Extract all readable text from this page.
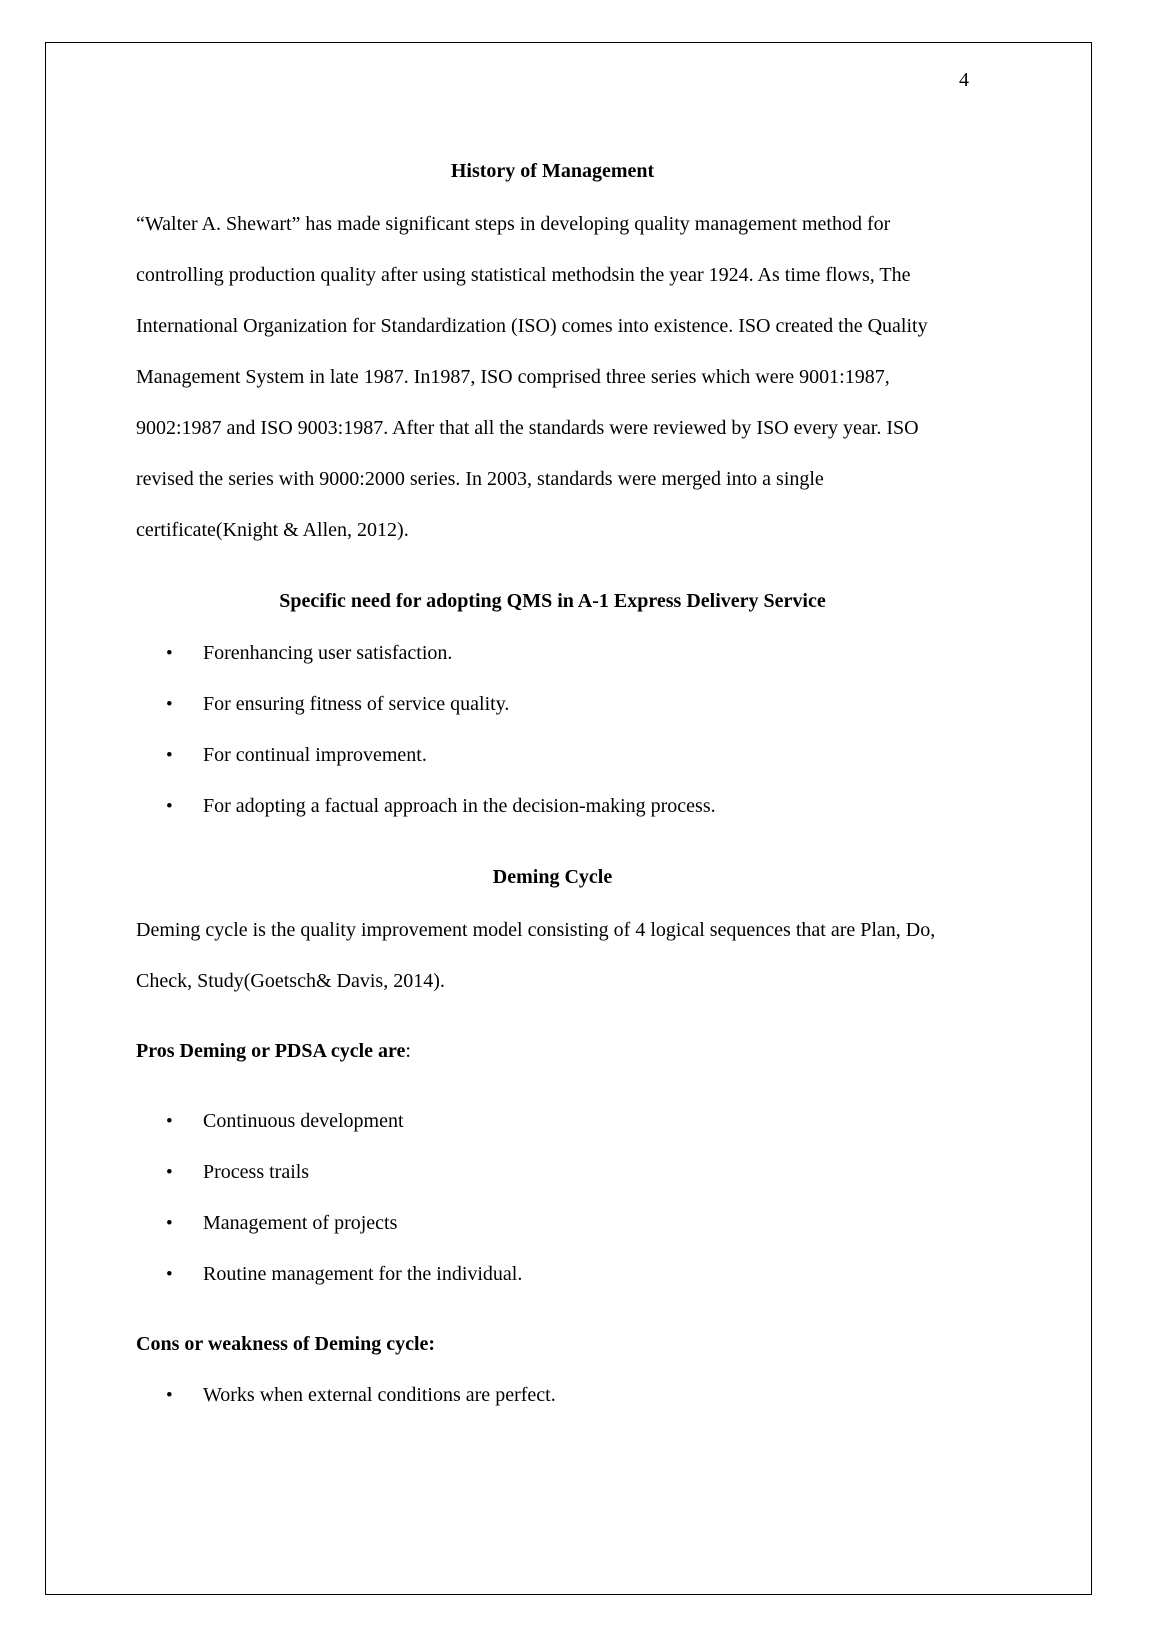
4
History of Management

“Walter A. Shewart” has made significant steps in developing quality management method for controlling production quality after using statistical methodsin the year 1924. As time flows, The International Organization for Standardization (ISO) comes into existence. ISO created the Quality Management System in late 1987. In1987, ISO comprised three series which were 9001:1987, 9002:1987 and ISO 9003:1987. After that all the standards were reviewed by ISO every year. ISO revised the series with 9000:2000 series. In 2003, standards were merged into a single certificate(Knight & Allen, 2012).

Specific need for adopting QMS in A-1 Express Delivery Service
• Forenhancing user satisfaction.
• For ensuring fitness of service quality.
• For continual improvement.
• For adopting a factual approach in the decision-making process.
Deming Cycle

Deming cycle is the quality improvement model consisting of 4 logical sequences that are Plan, Do, Check, Study(Goetsch& Davis, 2014).

Pros Deming or PDSA cycle are:

• Continuous development
• Process trails
• Management of projects
• Routine management for the individual.

Cons or weakness of Deming cycle:

• Works when external conditions are perfect.
